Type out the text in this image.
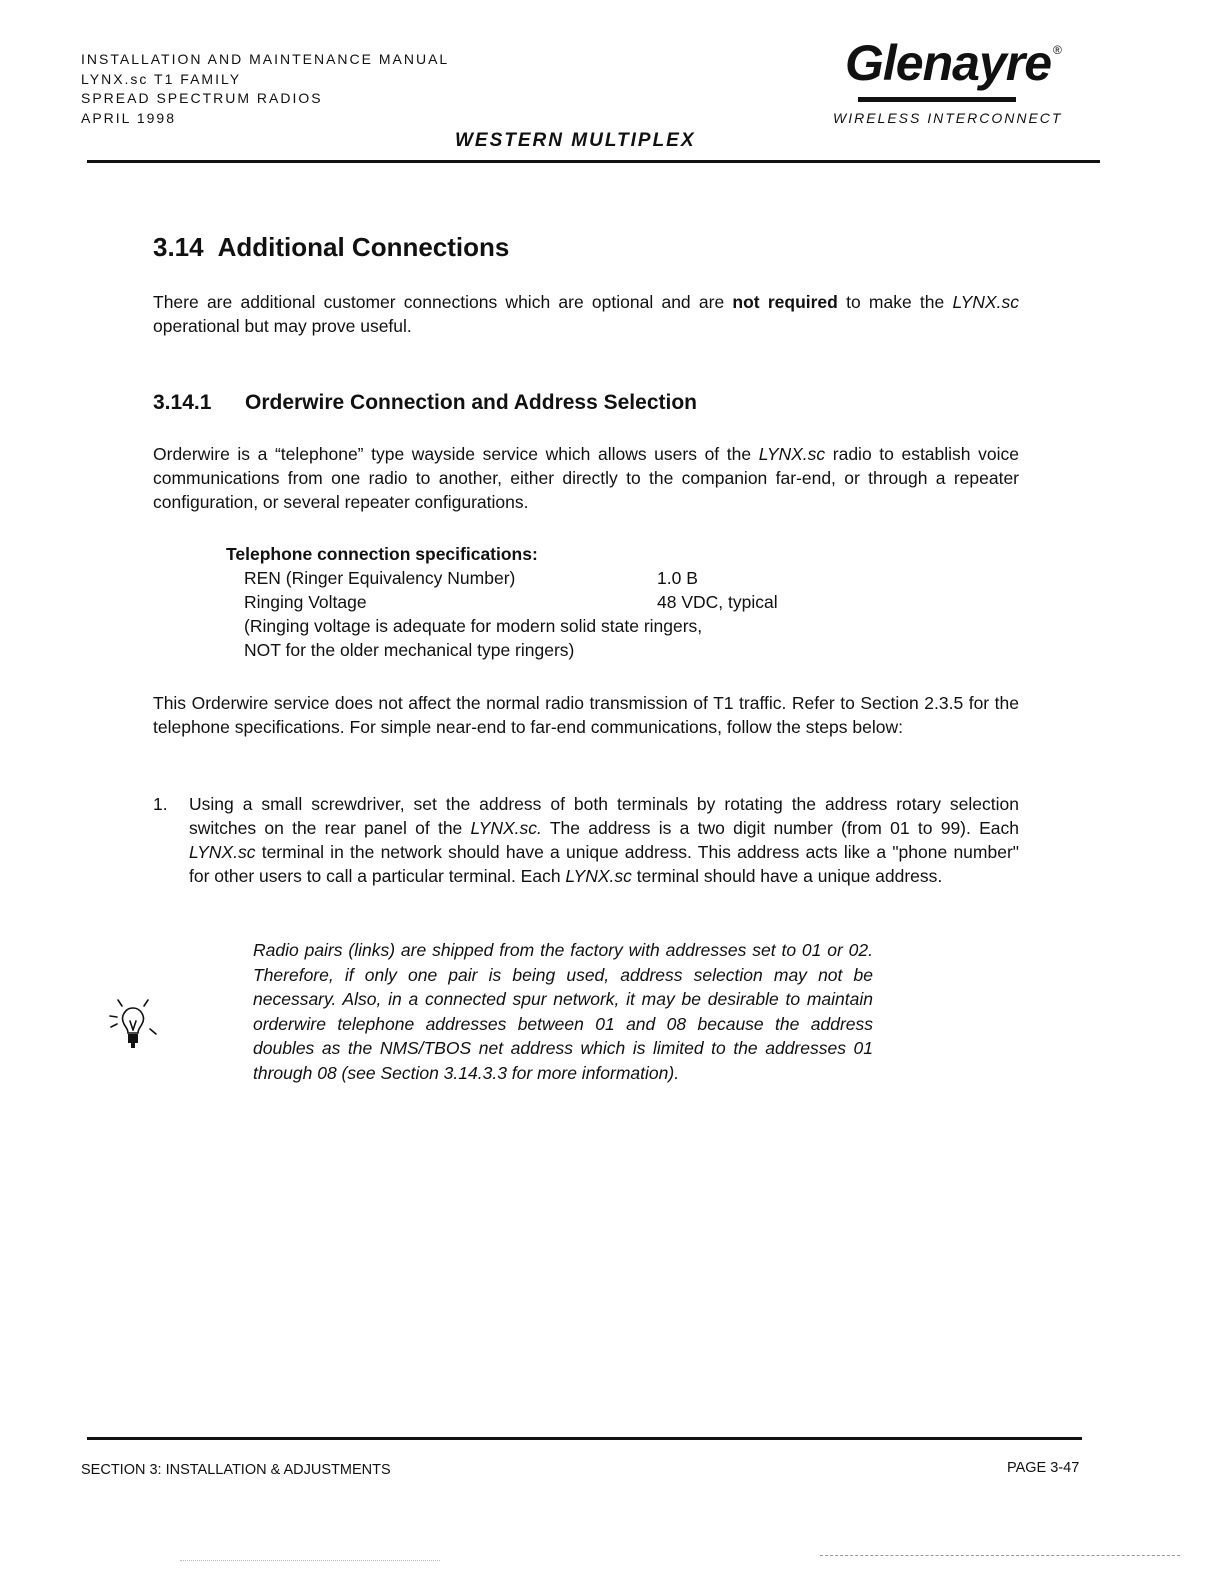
INSTALLATION AND MAINTENANCE MANUAL
LYNX.sc T1 FAMILY
SPREAD SPECTRUM RADIOS
APRIL 1998
Glenayre ®
WIRELESS INTERCONNECT
WESTERN MULTIPLEX
3.14 Additional Connections
There are additional customer connections which are optional and are not required to make the LYNX.sc operational but may prove useful.
3.14.1 Orderwire Connection and Address Selection
Orderwire is a “telephone” type wayside service which allows users of the LYNX.sc radio to establish voice communications from one radio to another, either directly to the companion far-end, or through a repeater configuration, or several repeater configurations.
Telephone connection specifications:
REN (Ringer Equivalency Number)	1.0 B
Ringing Voltage	48 VDC, typical
(Ringing voltage is adequate for modern solid state ringers,
NOT for the older mechanical type ringers)
This Orderwire service does not affect the normal radio transmission of T1 traffic. Refer to Section 2.3.5 for the telephone specifications. For simple near-end to far-end communications, follow the steps below:
1. Using a small screwdriver, set the address of both terminals by rotating the address rotary selection switches on the rear panel of the LYNX.sc. The address is a two digit number (from 01 to 99). Each LYNX.sc terminal in the network should have a unique address. This address acts like a "phone number" for other users to call a particular terminal. Each LYNX.sc terminal should have a unique address.
Radio pairs (links) are shipped from the factory with addresses set to 01 or 02. Therefore, if only one pair is being used, address selection may not be necessary. Also, in a connected spur network, it may be desirable to maintain orderwire telephone addresses between 01 and 08 because the address doubles as the NMS/TBOS net address which is limited to the addresses 01 through 08 (see Section 3.14.3.3 for more information).
SECTION 3: INSTALLATION & ADJUSTMENTS	PAGE 3-47
